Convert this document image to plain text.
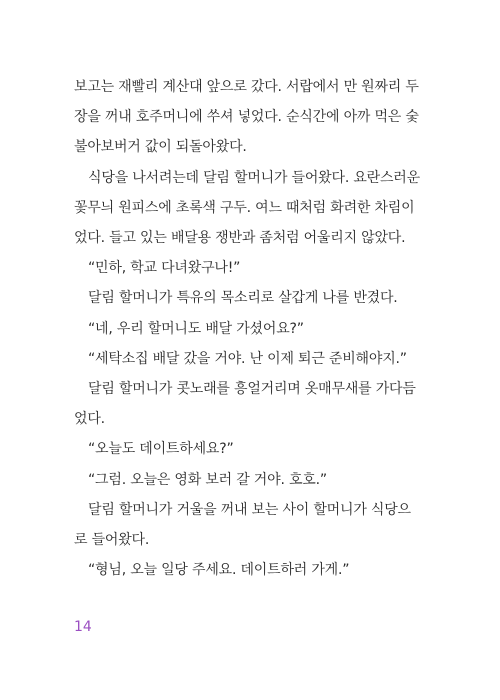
보고는 재빨리 계산대 앞으로 갔다. 서랍에서 만 원짜리 두
장을 꺼내 호주머니에 쑤셔 넣었다. 순식간에 아까 먹은 숯
불아보버거 값이 되돌아왔다.
식당을 나서려는데 달림 할머니가 들어왔다. 요란스러운
꽃무늬 원피스에 초록색 구두. 여느 때처럼 화려한 차림이
었다. 들고 있는 배달용 쟁반과 좀처럼 어울리지 않았다.
“민하, 학교 다녀왔구나!”
달림 할머니가 특유의 목소리로 살갑게 나를 반겼다.
“네, 우리 할머니도 배달 가셨어요?”
“세탁소집 배달 갔을 거야. 난 이제 퇴근 준비해야지.”
달림 할머니가 콧노래를 흥얼거리며 옷매무새를 가다듬
었다.
“오늘도 데이트하세요?”
“그럼. 오늘은 영화 보러 갈 거야. 호호.”
달림 할머니가 거울을 꺼내 보는 사이 할머니가 식당으
로 들어왔다.
“형님, 오늘 일당 주세요. 데이트하러 가게.”
14
